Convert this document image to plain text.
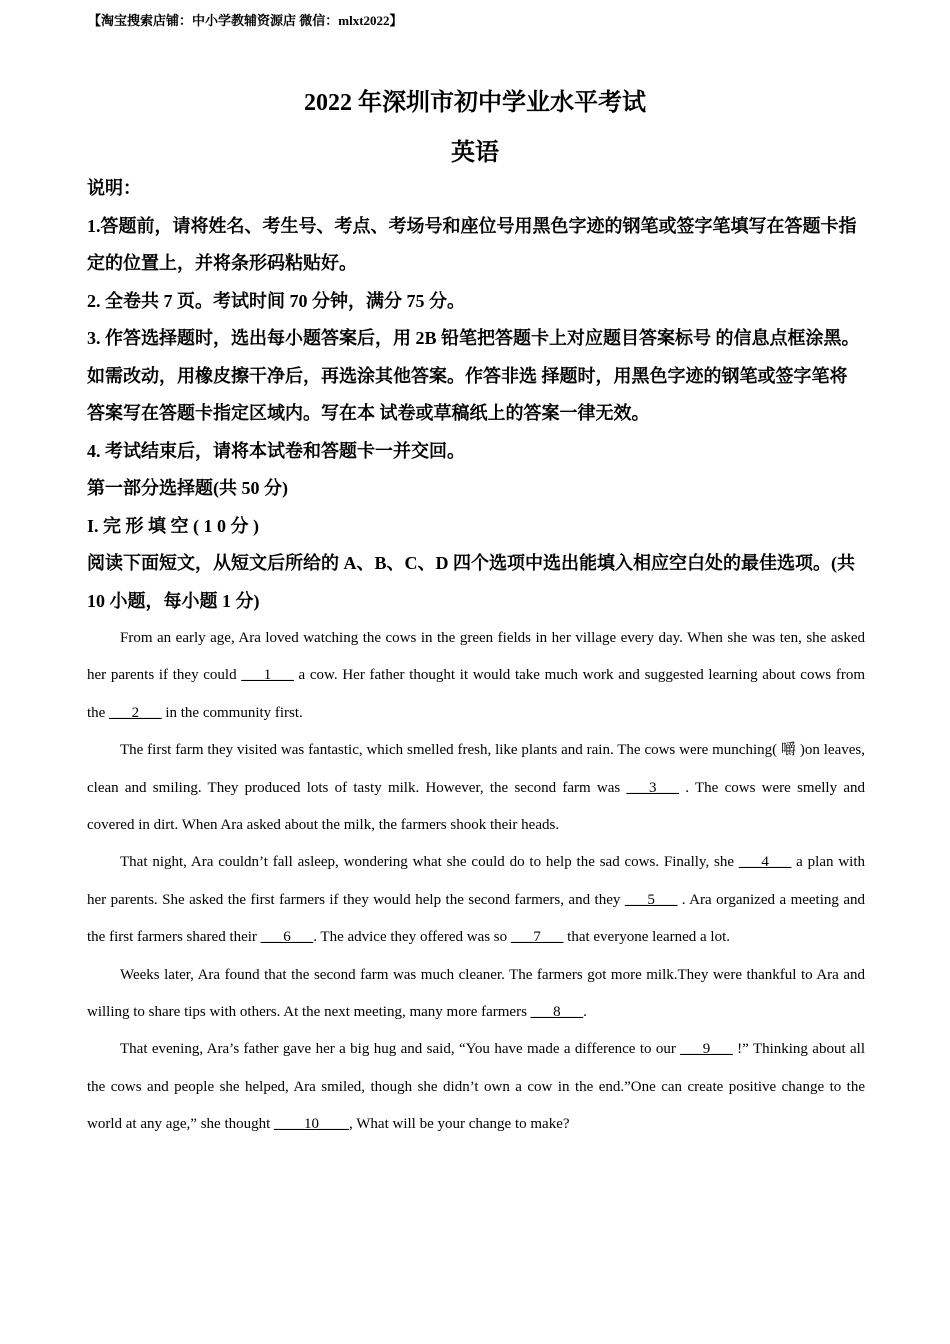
【淘宝搜索店铺：中小学教辅资源店 微信：mlxt2022】
2022 年深圳市初中学业水平考试
英语

说明：

1.答题前，请将姓名、考生号、考点、考场号和座位号用黑色字迹的钢笔或签字笔填写在答题卡指定的位置上，并将条形码粘贴好。

2. 全卷共 7 页。考试时间 70 分钟，满分 75 分。

3. 作答选择题时，选出每小题答案后，用 2B 铅笔把答题卡上对应题目答案标号 的信息点框涂黑。如需改动，用橡皮擦干净后，再选涂其他答案。作答非选 择题时，用黑色字迹的钢笔或签字笔将答案写在答题卡指定区域内。写在本 试卷或草稿纸上的答案一律无效。

4. 考试结束后，请将本试卷和答题卡一并交回。

第一部分选择题(共 50 分)

I. 完 形 填 空 ( 1 0 分 )

阅读下面短文，从短文后所给的 A、B、C、D 四个选项中选出能填入相应空白处的最佳选项。(共 10 小题，每小题 1 分)

From an early age, Ara loved watching the cows in the green fields in her village every day. When she was ten, she asked her parents if they could ___1___ a cow. Her father thought it would take much work and suggested learning about cows from the ___2___ in the community first.

The first farm they visited was fantastic, which smelled fresh, like plants and rain. The cows were munching( 嚼 )on leaves, clean and smiling. They produced lots of tasty milk. However, the second farm was ___3___ . The cows were smelly and covered in dirt. When Ara asked about the milk, the farmers shook their heads.

That night, Ara couldn’t fall asleep, wondering what she could do to help the sad cows. Finally, she ___4___ a plan with her parents. She asked the first farmers if they would help the second farmers, and they ___5___ . Ara organized a meeting and the first farmers shared their ___6___. The advice they offered was so ___7___ that everyone learned a lot.

Weeks later, Ara found that the second farm was much cleaner. The farmers got more milk.They were thankful to Ara and willing to share tips with others. At the next meeting, many more farmers ___8___.

That evening, Ara’s father gave her a big hug and said, “You have made a difference to our ___9___ !” Thinking about all the cows and people she helped, Ara smiled, though she didn’t own a cow in the end.”One can create positive change to the world at any age,” she thought ____10____, What will be your change to make?
